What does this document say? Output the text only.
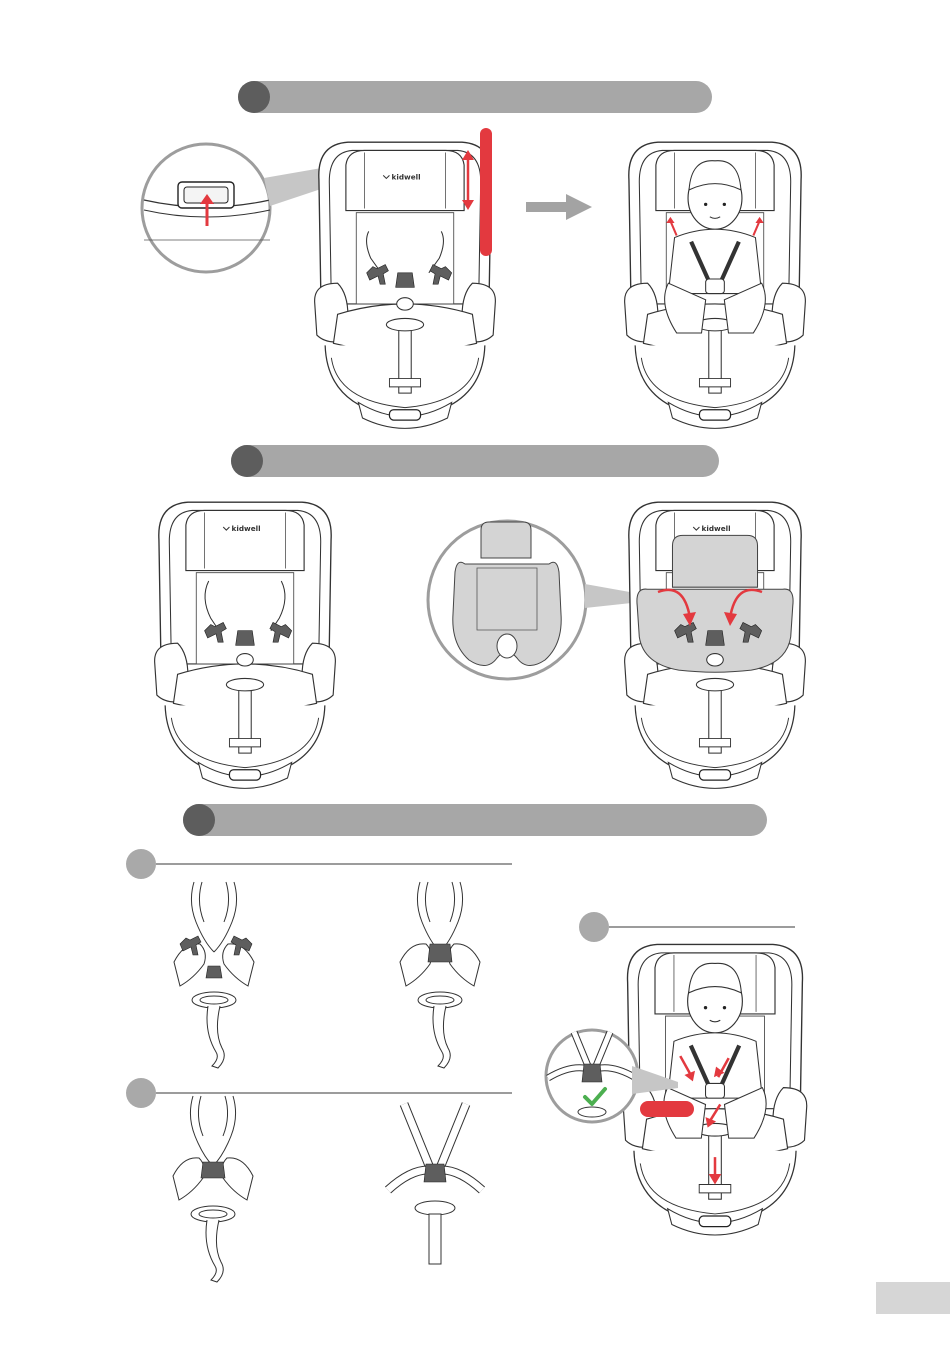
kidwell
kidwell	kidwell
